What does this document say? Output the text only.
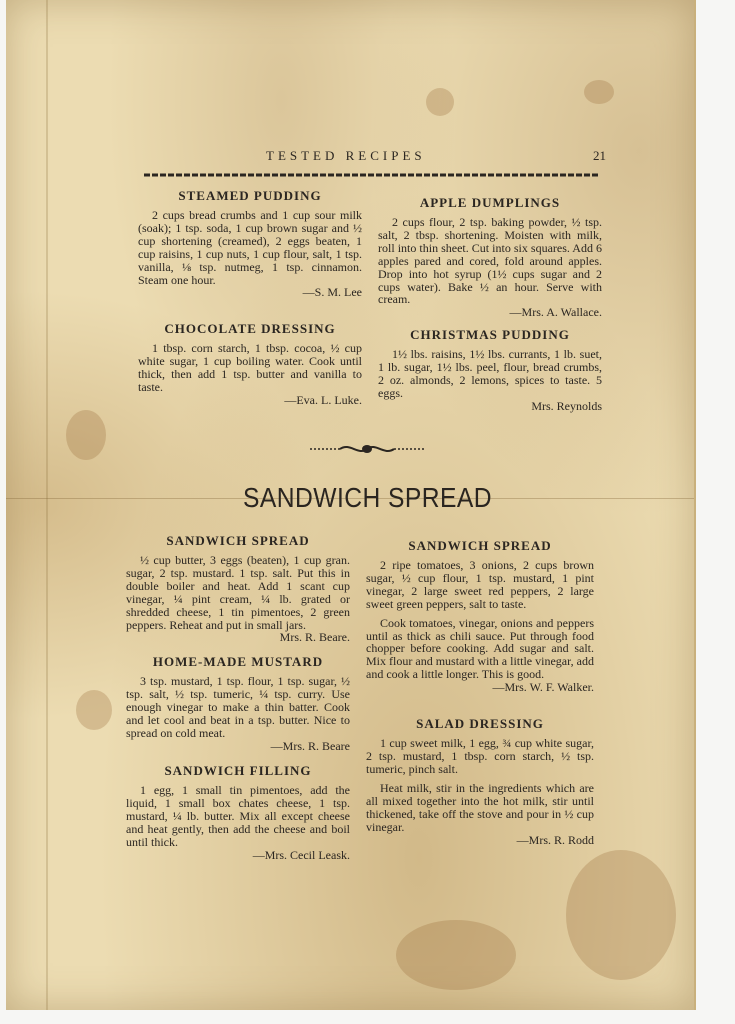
TESTED RECIPES	21
STEAMED PUDDING

2 cups bread crumbs and 1 cup sour milk (soak); 1 tsp. soda, 1 cup brown sugar and ½ cup shortening (creamed), 2 eggs beaten, 1 cup raisins, 1 cup nuts, 1 cup flour, salt, 1 tsp. vanilla, ⅛ tsp. nutmeg, 1 tsp. cinnamon. Steam one hour.

—S. M. Lee

CHOCOLATE DRESSING

1 tbsp. corn starch, 1 tbsp. cocoa, ½ cup white sugar, 1 cup boiling water. Cook until thick, then add 1 tsp. butter and vanilla to taste.

—Eva. L. Luke.

APPLE DUMPLINGS

2 cups flour, 2 tsp. baking powder, ½ tsp. salt, 2 tbsp. shortening. Moisten with milk, roll into thin sheet. Cut into six squares. Add 6 apples pared and cored, fold around apples. Drop into hot syrup (1½ cups sugar and 2 cups water). Bake ½ an hour. Serve with cream.

—Mrs. A. Wallace.

CHRISTMAS PUDDING

1½ lbs. raisins, 1½ lbs. currants, 1 lb. suet, 1 lb. sugar, 1½ lbs. peel, flour, bread crumbs, 2 oz. almonds, 2 lemons, spices to taste. 5 eggs.

Mrs. Reynolds

SANDWICH SPREAD
SANDWICH SPREAD

½ cup butter, 3 eggs (beaten), 1 cup gran. sugar, 2 tsp. mustard. 1 tsp. salt. Put this in double boiler and heat. Add 1 scant cup vinegar, ¼ pint cream, ¼ lb. grated or shredded cheese, 1 tin pimentoes, 2 green peppers. Reheat and put in small jars.

Mrs. R. Beare.

HOME-MADE MUSTARD

3 tsp. mustard, 1 tsp. flour, 1 tsp. sugar, ½ tsp. salt, ½ tsp. tumeric, ¼ tsp. curry. Use enough vinegar to make a thin batter. Cook and let cool and beat in a tsp. butter. Nice to spread on cold meat.

—Mrs. R. Beare

SANDWICH FILLING

1 egg, 1 small tin pimentoes, add the liquid, 1 small box chates cheese, 1 tsp. mustard, ¼ lb. butter. Mix all except cheese and heat gently, then add the cheese and boil until thick.

—Mrs. Cecil Leask.

SANDWICH SPREAD

2 ripe tomatoes, 3 onions, 2 cups brown sugar, ½ cup flour, 1 tsp. mustard, 1 pint vinegar, 2 large sweet red peppers, 2 large sweet green peppers, salt to taste.

Cook tomatoes, vinegar, onions and peppers until as thick as chili sauce. Put through food chopper before cooking. Add sugar and salt. Mix flour and mustard with a little vinegar, add and cook a little longer. This is good.

—Mrs. W. F. Walker.

SALAD DRESSING

1 cup sweet milk, 1 egg, ¾ cup white sugar, 2 tsp. mustard, 1 tbsp. corn starch, ½ tsp. tumeric, pinch salt.

Heat milk, stir in the ingredients which are all mixed together into the hot milk, stir until thickened, take off the stove and pour in ½ cup vinegar.

—Mrs. R. Rodd
